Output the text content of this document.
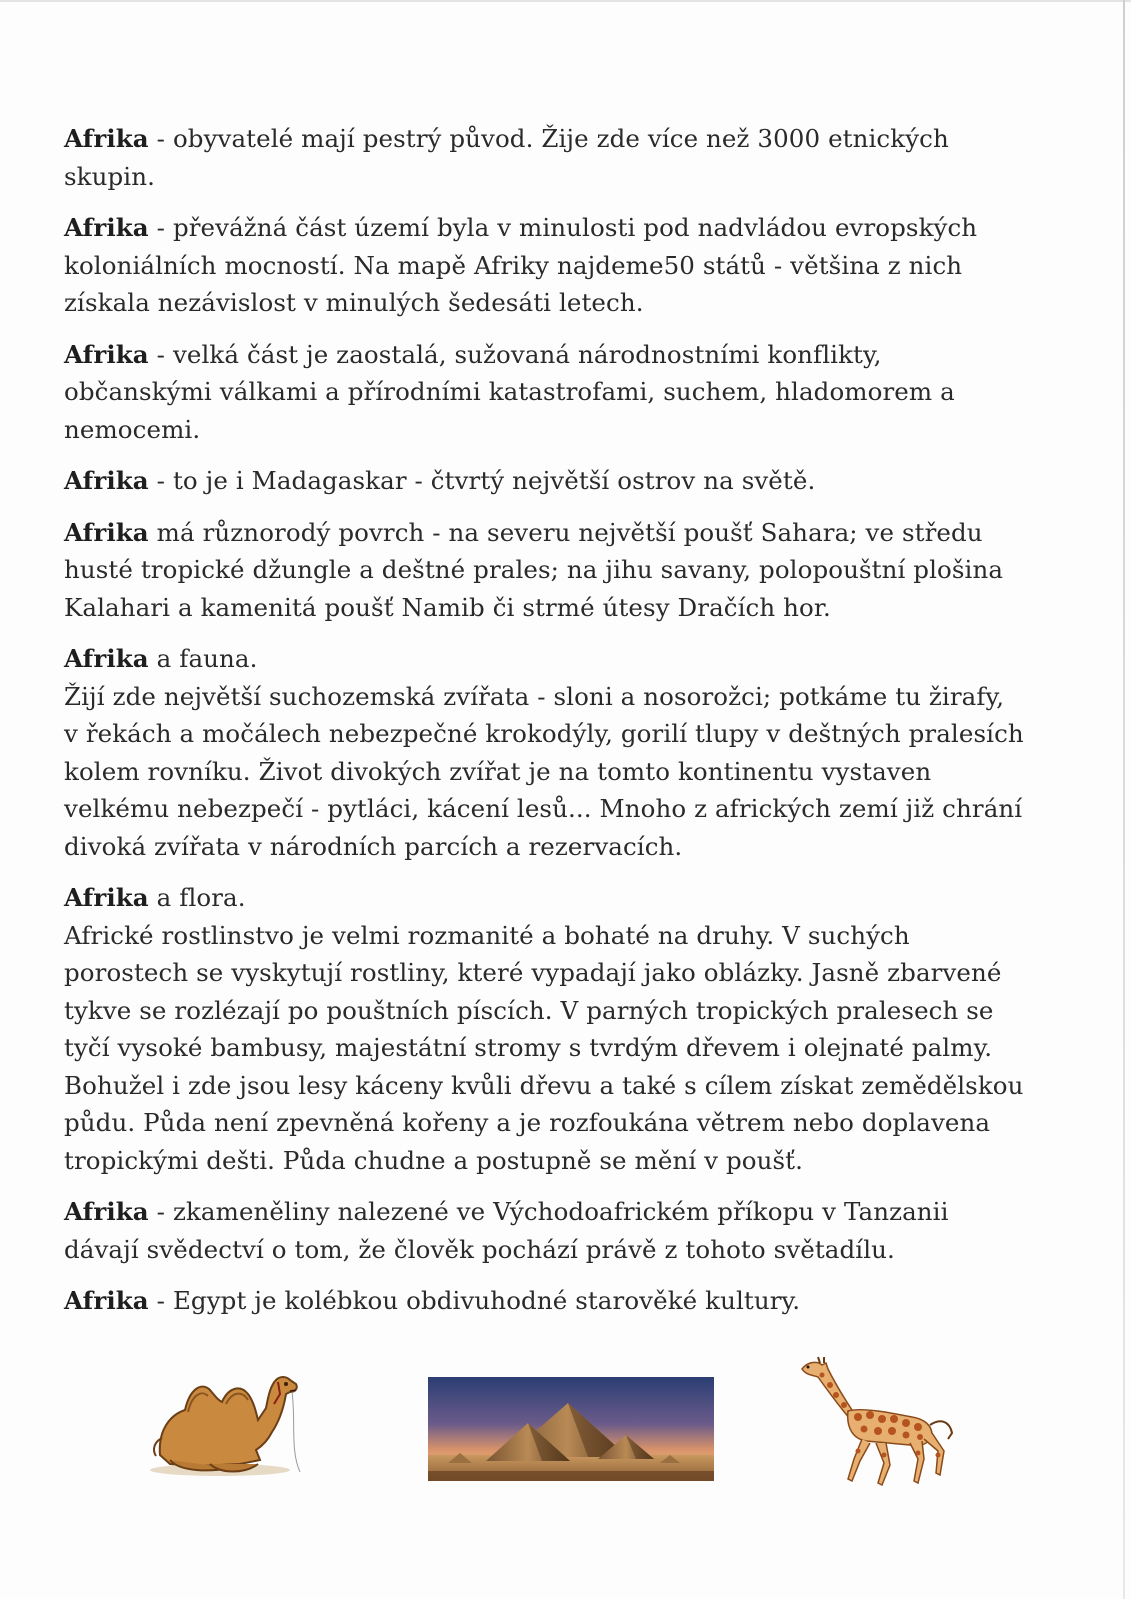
Afrika - obyvatelé mají pestrý původ. Žije zde více než 3000 etnických
skupin.

Afrika - převážná část území byla v minulosti pod nadvládou evropských
koloniálních mocností. Na mapě Afriky najdeme50 států - většina z nich
získala nezávislost v minulých šedesáti letech.

Afrika - velká část je zaostalá, sužovaná národnostními konflikty,
občanskými válkami a přírodními katastrofami, suchem, hladomorem a
nemocemi.

Afrika - to je i Madagaskar - čtvrtý největší ostrov na světě.

Afrika má různorodý povrch - na severu největší poušť Sahara; ve středu
husté tropické džungle a deštné prales; na jihu savany, polopouštní plošina
Kalahari a kamenitá poušť Namib či strmé útesy Dračích hor.

Afrika a fauna.
Žijí zde největší suchozemská zvířata - sloni a nosorožci; potkáme tu žirafy,
v řekách a močálech nebezpečné krokodýly, gorilí tlupy v deštných pralesích
kolem rovníku. Život divokých zvířat je na tomto kontinentu vystaven
velkému nebezpečí - pytláci, kácení lesů... Mnoho z afrických zemí již chrání
divoká zvířata v národních parcích a rezervacích.

Afrika a flora.
Africké rostlinstvo je velmi rozmanité a bohaté na druhy. V suchých
porostech se vyskytují rostliny, které vypadají jako oblázky. Jasně zbarvené
tykve se rozlézají po pouštních píscích. V parných tropických pralesech se
tyčí vysoké bambusy, majestátní stromy s tvrdým dřevem i olejnaté palmy.
Bohužel i zde jsou lesy káceny kvůli dřevu a také s cílem získat zemědělskou
půdu. Půda není zpevněná kořeny a je rozfoukána větrem nebo doplavena
tropickými dešti. Půda chudne a postupně se mění v poušť.

Afrika - zkameněliny nalezené ve Východoafrickém příkopu v Tanzanii
dávají svědectví o tom, že člověk pochází právě z tohoto světadílu.

Afrika - Egypt je kolébkou obdivuhodné starověké kultury.
